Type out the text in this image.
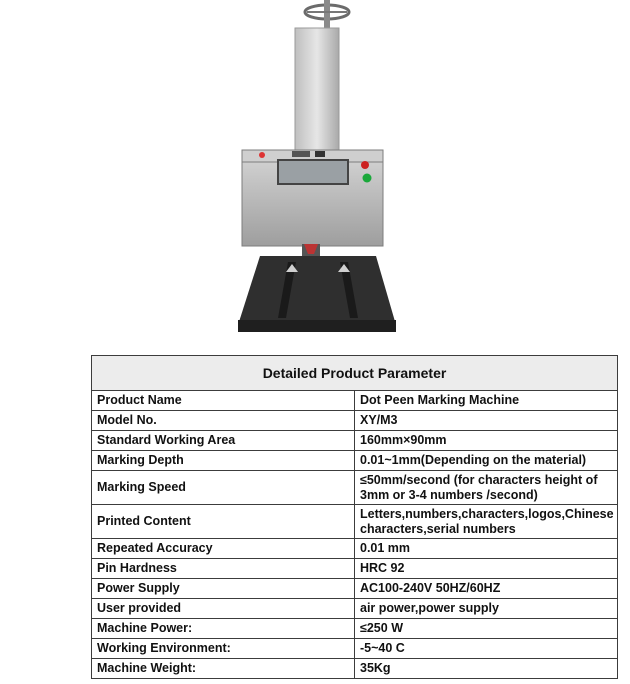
Detailed Product Parameter	
Product Name	Dot Peen Marking Machine
Model No.	XY/M3
Standard Working Area	160mm×90mm
Marking Depth	0.01~1mm(Depending on the material)
Marking Speed	≤50mm/second (for characters height of 3mm or 3-4 numbers /second)
Printed Content	Letters,numbers,characters,logos,Chinese characters,serial numbers
Repeated Accuracy	0.01 mm
Pin Hardness	HRC 92
Power Supply	AC100-240V 50HZ/60HZ
User provided	air power,power supply
Machine Power:	≤250 W
Working Environment:	-5~40 C
Machine Weight:	35Kg
